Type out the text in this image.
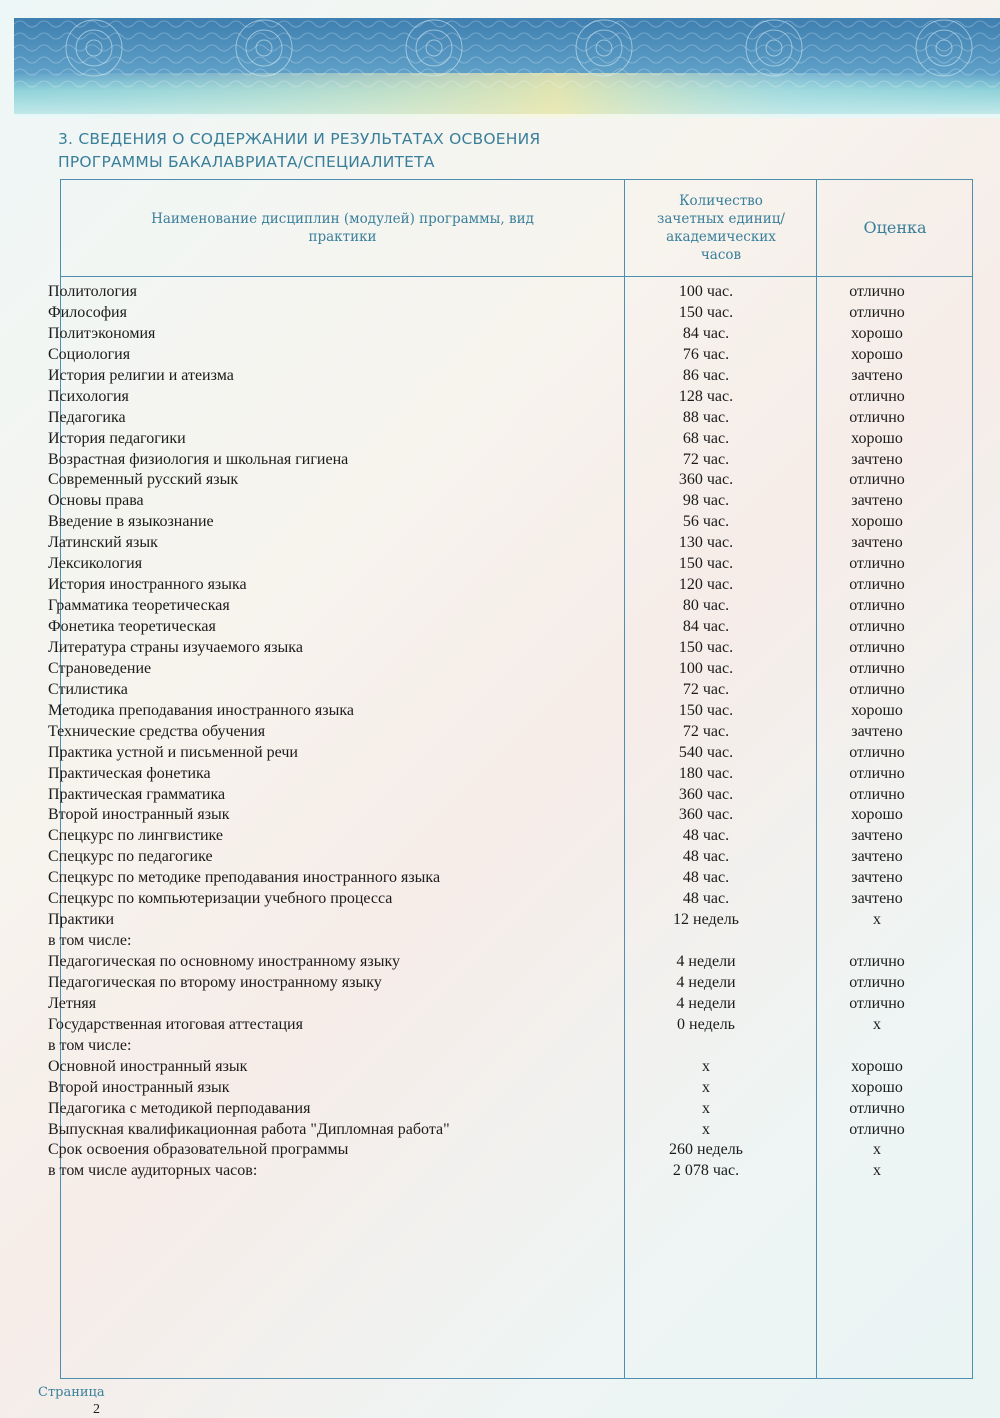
3. СВЕДЕНИЯ О СОДЕРЖАНИИ И РЕЗУЛЬТАТАХ ОСВОЕНИЯ
ПРОГРАММЫ БАКАЛАВРИАТА/СПЕЦИАЛИТЕТА
Наименование дисциплин (модулей) программы, вид практики
Количество зачетных единиц/ академических часов
Оценка
Политология	100 час.	отлично
Философия	150 час.	отлично
Политэкономия	84 час.	хорошо
Социология	76 час.	хорошо
История религии и атеизма	86 час.	зачтено
Психология	128 час.	отлично
Педагогика	88 час.	отлично
История педагогики	68 час.	хорошо
Возрастная физиология и школьная гигиена	72 час.	зачтено
Современный русский язык	360 час.	отлично
Основы права	98 час.	зачтено
Введение в языкознание	56 час.	хорошо
Латинский язык	130 час.	зачтено
Лексикология	150 час.	отлично
История иностранного языка	120 час.	отлично
Грамматика теоретическая	80 час.	отлично
Фонетика теоретическая	84 час.	отлично
Литература страны изучаемого языка	150 час.	отлично
Страноведение	100 час.	отлично
Стилистика	72 час.	отлично
Методика преподавания иностранного языка	150 час.	хорошо
Технические средства обучения	72 час.	зачтено
Практика устной и письменной речи	540 час.	отлично
Практическая фонетика	180 час.	отлично
Практическая грамматика	360 час.	отлично
Второй иностранный язык	360 час.	хорошо
Спецкурс по лингвистике	48 час.	зачтено
Спецкурс по педагогике	48 час.	зачтено
Спецкурс по методике преподавания иностранного языка	48 час.	зачтено
Спецкурс по компьютеризации учебного процесса	48 час.	зачтено
Практики	12 недель	x
в том числе:
Педагогическая по основному иностранному языку	4 недели	отлично
Педагогическая по второму иностранному языку	4 недели	отлично
Летняя	4 недели	отлично
Государственная итоговая аттестация	0 недель	x
в том числе:
Основной иностранный язык	x	хорошо
Второй иностранный язык	x	хорошо
Педагогика с методикой перподавания	x	отлично
Выпускная квалификационная работа "Дипломная работа"	x	отлично
Срок освоения образовательной программы	260 недель	x
в том числе аудиторных часов:	2 078 час.	x
Страница
2
